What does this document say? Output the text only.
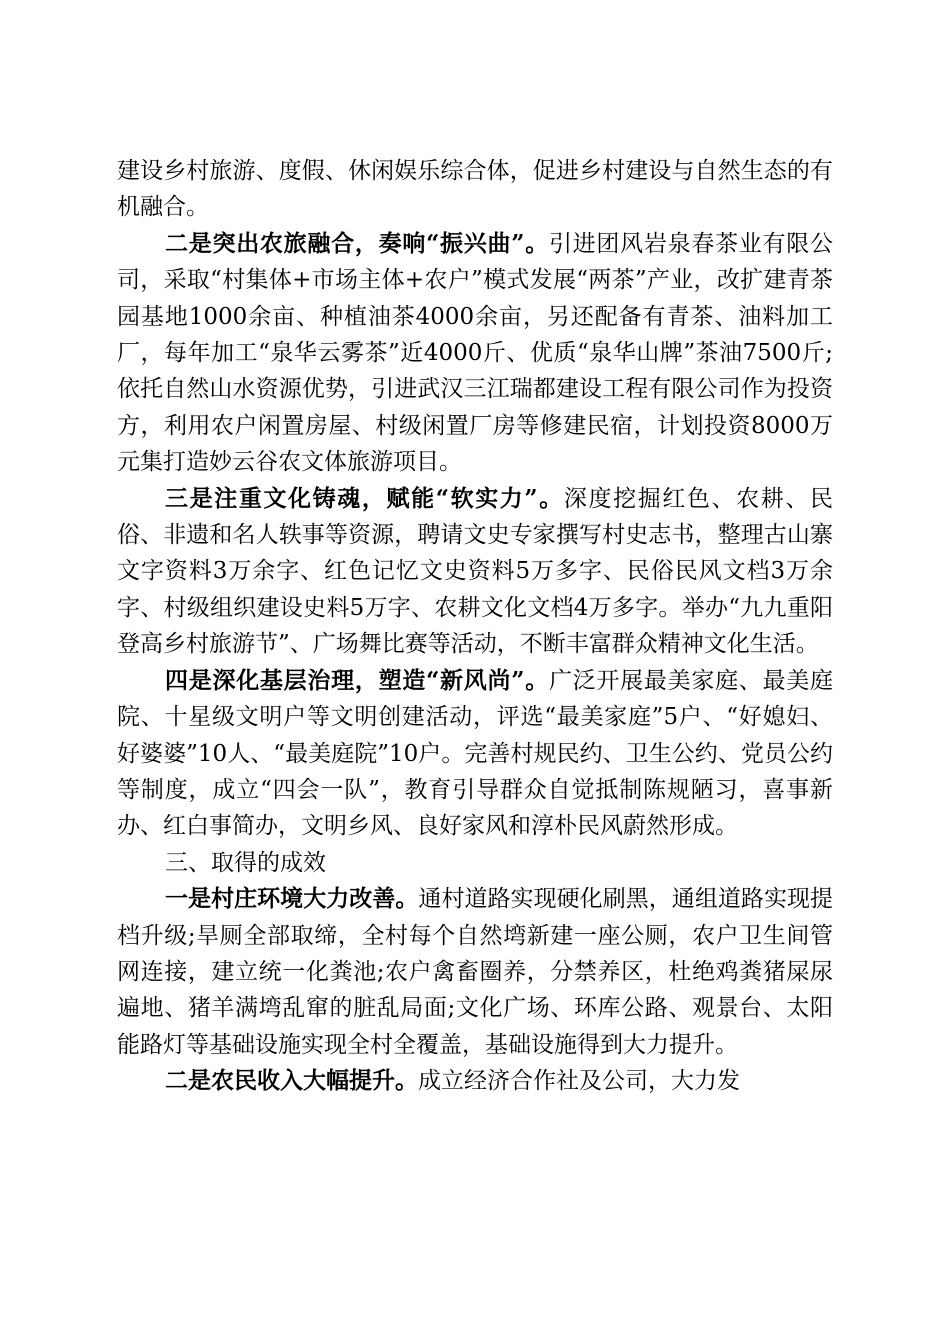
建设乡村旅游、度假、休闲娱乐综合体，促进乡村建设与自然生态的有机融合。

二是突出农旅融合，奏响“振兴曲”。引进团风岩泉春茶业有限公司，采取“村集体+市场主体+农户”模式发展“两茶”产业，改扩建青茶园基地1000余亩、种植油茶4000余亩，另还配备有青茶、油料加工厂，每年加工“泉华云雾茶”近4000斤、优质“泉华山牌”茶油7500斤;依托自然山水资源优势，引进武汉三江瑞都建设工程有限公司作为投资方，利用农户闲置房屋、村级闲置厂房等修建民宿，计划投资8000万元集打造妙云谷农文体旅游项目。

三是注重文化铸魂，赋能“软实力”。深度挖掘红色、农耕、民俗、非遗和名人轶事等资源，聘请文史专家撰写村史志书，整理古山寨文字资料3万余字、红色记忆文史资料5万多字、民俗民风文档3万余字、村级组织建设史料5万字、农耕文化文档4万多字。举办“九九重阳登高乡村旅游节”、广场舞比赛等活动，不断丰富群众精神文化生活。

四是深化基层治理，塑造“新风尚”。广泛开展最美家庭、最美庭院、十星级文明户等文明创建活动，评选“最美家庭”5户、“好媳妇、好婆婆”10人、“最美庭院”10户。完善村规民约、卫生公约、党员公约等制度，成立“四会一队”，教育引导群众自觉抵制陈规陋习，喜事新办、红白事简办，文明乡风、良好家风和淳朴民风蔚然形成。

三、取得的成效

一是村庄环境大力改善。通村道路实现硬化刷黑，通组道路实现提档升级;旱厕全部取缔，全村每个自然塆新建一座公厕，农户卫生间管网连接，建立统一化粪池;农户禽畜圈养，分禁养区，杜绝鸡粪猪屎尿遍地、猪羊满塆乱窜的脏乱局面;文化广场、环库公路、观景台、太阳能路灯等基础设施实现全村全覆盖，基础设施得到大力提升。

二是农民收入大幅提升。成立经济合作社及公司，大力发
